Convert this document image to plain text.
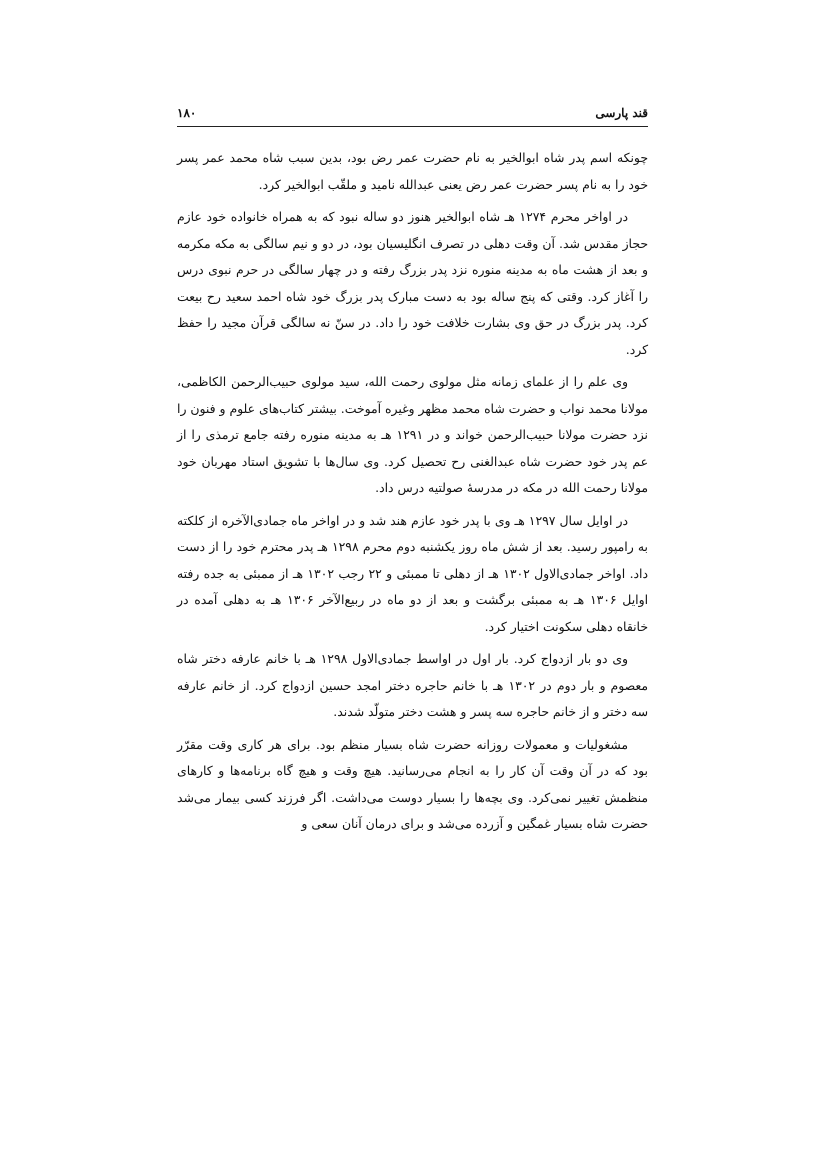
قند پارسی
۱۸۰

چونکه اسم پدر شاه ابوالخیر به نام حضرت عمر رض بود، بدین سبب شاه محمد عمر پسر خود را به نام پسر حضرت عمر رض یعنی عبدالله نامید و ملقّب ابوالخیر کرد.

در اواخر محرم ۱۲۷۴ هـ شاه ابوالخیر هنوز دو ساله نبود که به همراه خانواده خود عازم حجاز مقدس شد. آن وقت دهلی در تصرف انگلیسیان بود، در دو و نیم سالگی به مکه مکرمه و بعد از هشت ماه به مدینه منوره نزد پدر بزرگ رفته و در چهار سالگی در حرم نبوی درس را آغاز کرد. وقتی که پنج ساله بود به دست مبارک پدر بزرگ خود شاه احمد سعید رح بیعت کرد. پدر بزرگ در حق وی بشارت خلافت خود را داد. در سنّ نه سالگی قرآن مجید را حفظ کرد.

وی علم را از علمای زمانه مثل مولوی رحمت الله، سید مولوی حبیب‌الرحمن الکاظمی، مولانا محمد نواب و حضرت شاه محمد مظهر وغیره آموخت. بیشتر کتاب‌های علوم و فنون را نزد حضرت مولانا حبیب‌الرحمن خواند و در ۱۲۹۱ هـ به مدینه منوره رفته جامع ترمذی را از عم پدر خود حضرت شاه عبدالغنی رح تحصیل کرد. وی سال‌ها با تشویق استاد مهربان خود مولانا رحمت الله در مکه در مدرسهٔ صولتیه درس داد.

در اوایل سال ۱۲۹۷ هـ وی با پدر خود عازم هند شد و در اواخر ماه جمادی‌الآخره از کلکته به رامپور رسید. بعد از شش ماه روز یکشنبه دوم محرم ۱۲۹۸ هـ پدر محترم خود را از دست داد. اواخر جمادی‌الاول ۱۳۰۲ هـ از دهلی تا ممبئی و ۲۲ رجب ۱۳۰۲ هـ از ممبئی به جده رفته اوایل ۱۳۰۶ هـ به ممبئی برگشت و بعد از دو ماه در ربیع‌الآخر ۱۳۰۶ هـ به دهلی آمده در خانقاه دهلی سکونت اختیار کرد.

وی دو بار ازدواج کرد. بار اول در اواسط جمادی‌الاول ۱۲۹۸ هـ با خانم عارفه دختر شاه معصوم و بار دوم در ۱۳۰۲ هـ با خانم حاجره دختر امجد حسین ازدواج کرد. از خانم عارفه سه دختر و از خانم حاجره سه پسر و هشت دختر متولّد شدند.

مشغولیات و معمولات روزانه حضرت شاه بسیار منظم بود. برای هر کاری وقت مقرّر بود که در آن وقت آن کار را به انجام می‌رسانید. هیچ وقت و هیچ گاه برنامه‌ها و کارهای منظمش تغییر نمی‌کرد. وی بچه‌ها را بسیار دوست می‌داشت. اگر فرزند کسی بیمار می‌شد حضرت شاه بسیار غمگین و آزرده می‌شد و برای درمان آنان سعی و
